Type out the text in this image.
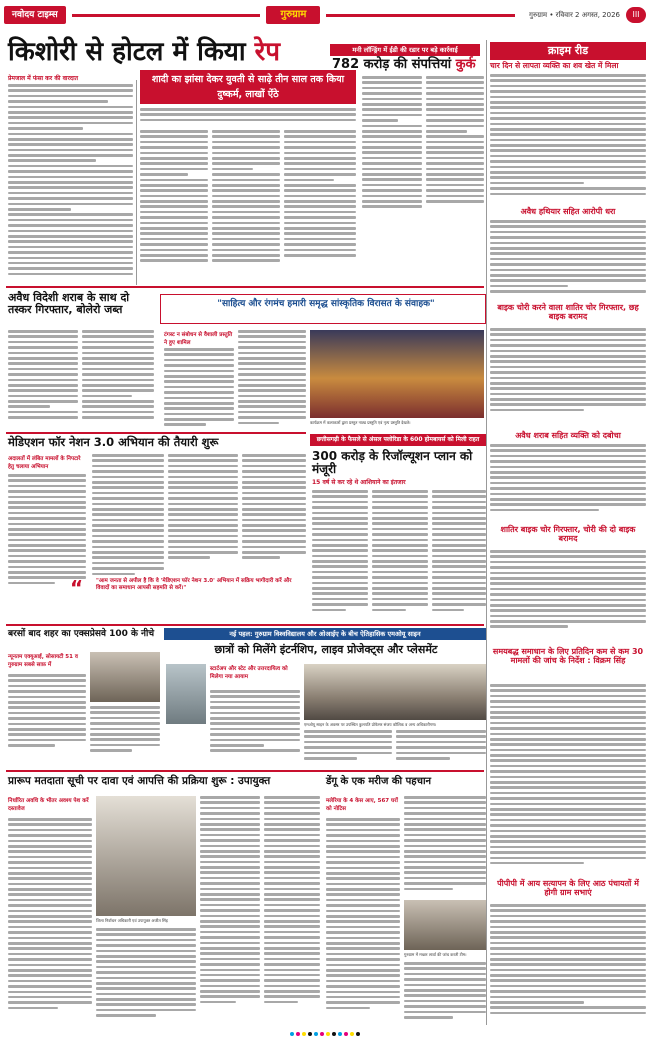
नवोदय टाइम्स	गुरुग्राम	गुरुग्राम • रविवार 2 अगस्त, 2026	III
किशोरी से होटल में किया रेप
प्रेमजाल में फंसा कर की वारदात	शादी का झांसा देकर युवती से साढ़े तीन साल तक किया दुष्कर्म, लाखों ऐंठे
मनी लॉन्ड्रिंग में ईडी की रडार पर बड़े कार्रवाई
782 करोड़ की संपत्तियां कुर्क
क्राइम रीड
चार दिन से लापता व्यक्ति का शव खेत में मिला
अवैध हथियार सहित आरोपी धरा
बाइक चोरी करने वाला शातिर चोर गिरफ्तार, छह बाइक बरामद
अवैध शराब सहित व्यक्ति को दबोचा
शातिर बाइक चोर गिरफ्तार, चोरी की दो बाइक बरामद
समयबद्ध समाधान के लिए प्रतिदिन कम से कम 30 मामलों की जांच के निर्देश : विक्रम सिंह
पीपीपी में आय सत्यापन के लिए आठ पंचायतों में होगी ग्राम सभाएं
अवैध विदेशी शराब के साथ दो तस्कर गिरफ्तार, बोलेरो जब्त	"साहित्य और रंगमंच हमारी समृद्ध सांस्कृतिक विरासत के संवाहक"
टंगस्ट न संबोधन से वैशाली प्रस्तुति ने हुए शामिल
कार्यक्रम में कलाकारों द्वारा प्रस्तुत नाट्य प्रस्तुति एवं नृत्य प्रस्तुति देखते।
मेडिएशन फॉर नेशन 3.0 अभियान की तैयारी शुरू
अदालतों में लंबित मामलों के निपटारे हेतु चलाया अभियान
"आम जनता से अपील है कि वे 'मेडिएशन फॉर नेशन 3.0' अभियान में सक्रिय भागीदारी करें और विवादों का समाधान आपसी सहमति से करें।"
“
छत्तीसगढ़ी के फैसले से अंसल फ्लोरिडा के 600 होमबायर्स को मिली राहत
300 करोड़ के रिजॉल्यूशन प्लान को मंजूरी
15 वर्ष से कर रहे थे आशियाने का इंतजार
बरसों बाद शहर का एक्सप्रेसवे 100 के नीचे
न्यूनतम एक्यूआई, सोसायटी 51 व गुरुग्राम सबसे साफ़ में
नई पहल: गुरुग्राम विश्वविद्यालय और ओआईए के बीच ऐतिहासिक एमओयू साइन
छात्रों को मिलेंगे इंटर्नशिप, लाइव प्रोजेक्ट्स और प्लेसमेंट
स्टार्टअप और स्टेट और उत्तरदायित्व को मिलेगा नया आयाम
एमओयू साइन के अवसर पर उपस्थित कुलपति प्रोफेसर संजय कौशिक व अन्य अधिकारीगण।
प्रारूप मतदाता सूची पर दावा एवं आपत्ति की प्रक्रिया शुरू : उपायुक्त
निर्धारित अवधि के भीतर अवश्य पेश करें दस्तावेज
जिला निर्वाचन अधिकारी एवं उपायुक्त अजीत सिंह
डेंगू के एक मरीज की पहचान
मलेरिया के 4 केस आए, 567 घरों को नोटिस
गुरुग्राम में मच्छर लार्वा की जांच करती टीम।
